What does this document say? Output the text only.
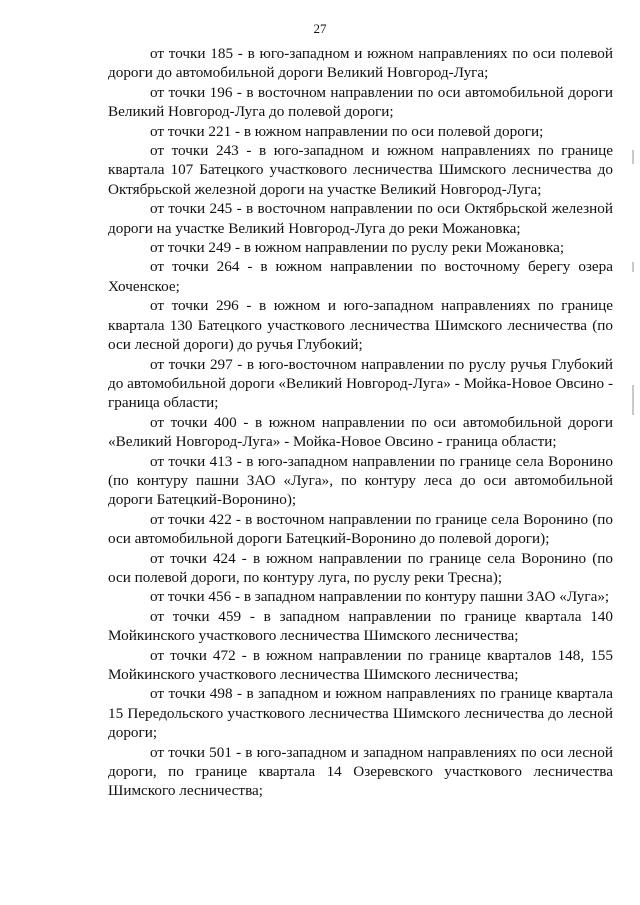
27

от точки 185 - в юго-западном и южном направлениях по оси полевой дороги до автомобильной дороги Великий Новгород-Луга;

от точки 196 - в восточном направлении по оси автомобильной дороги Великий Новгород-Луга до полевой дороги;

от точки 221 - в южном направлении по оси полевой дороги;

от точки 243 - в юго-западном и южном направлениях по границе квартала 107 Батецкого участкового лесничества Шимского лесничества до Октябрьской железной дороги на участке Великий Новгород-Луга;

от точки 245 - в восточном направлении по оси Октябрьской железной дороги на участке Великий Новгород-Луга до реки Можановка;

от точки 249 - в южном направлении по руслу реки Можановка;

от точки 264 - в южном направлении по восточному берегу озера Хоченское;

от точки 296 - в южном и юго-западном направлениях по границе квартала 130 Батецкого участкового лесничества Шимского лесничества (по оси лесной дороги) до ручья Глубокий;

от точки 297 - в юго-восточном направлении по руслу ручья Глубокий до автомобильной дороги «Великий Новгород-Луга» - Мойка-Новое Овсино - граница области;

от точки 400 - в южном направлении по оси автомобильной дороги «Великий Новгород-Луга» - Мойка-Новое Овсино - граница области;

от точки 413 - в юго-западном направлении по границе села Воронино (по контуру пашни ЗАО «Луга», по контуру леса до оси автомобильной дороги Батецкий-Воронино);

от точки 422 - в восточном направлении по границе села Воронино (по оси автомобильной дороги Батецкий-Воронино до полевой дороги);

от точки 424 - в южном направлении по границе села Воронино (по оси полевой дороги, по контуру луга, по руслу реки Тресна);

от точки 456 - в западном направлении по контуру пашни ЗАО «Луга»;

от точки 459 - в западном направлении по границе квартала 140 Мойкинского участкового лесничества Шимского лесничества;

от точки 472 - в южном направлении по границе кварталов 148, 155 Мойкинского участкового лесничества Шимского лесничества;

от точки 498 - в западном и южном направлениях по границе квартала 15 Передольского участкового лесничества Шимского лесничества до лесной дороги;

от точки 501 - в юго-западном и западном направлениях по оси лесной дороги, по границе квартала 14 Озеревского участкового лесничества Шимского лесничества;
